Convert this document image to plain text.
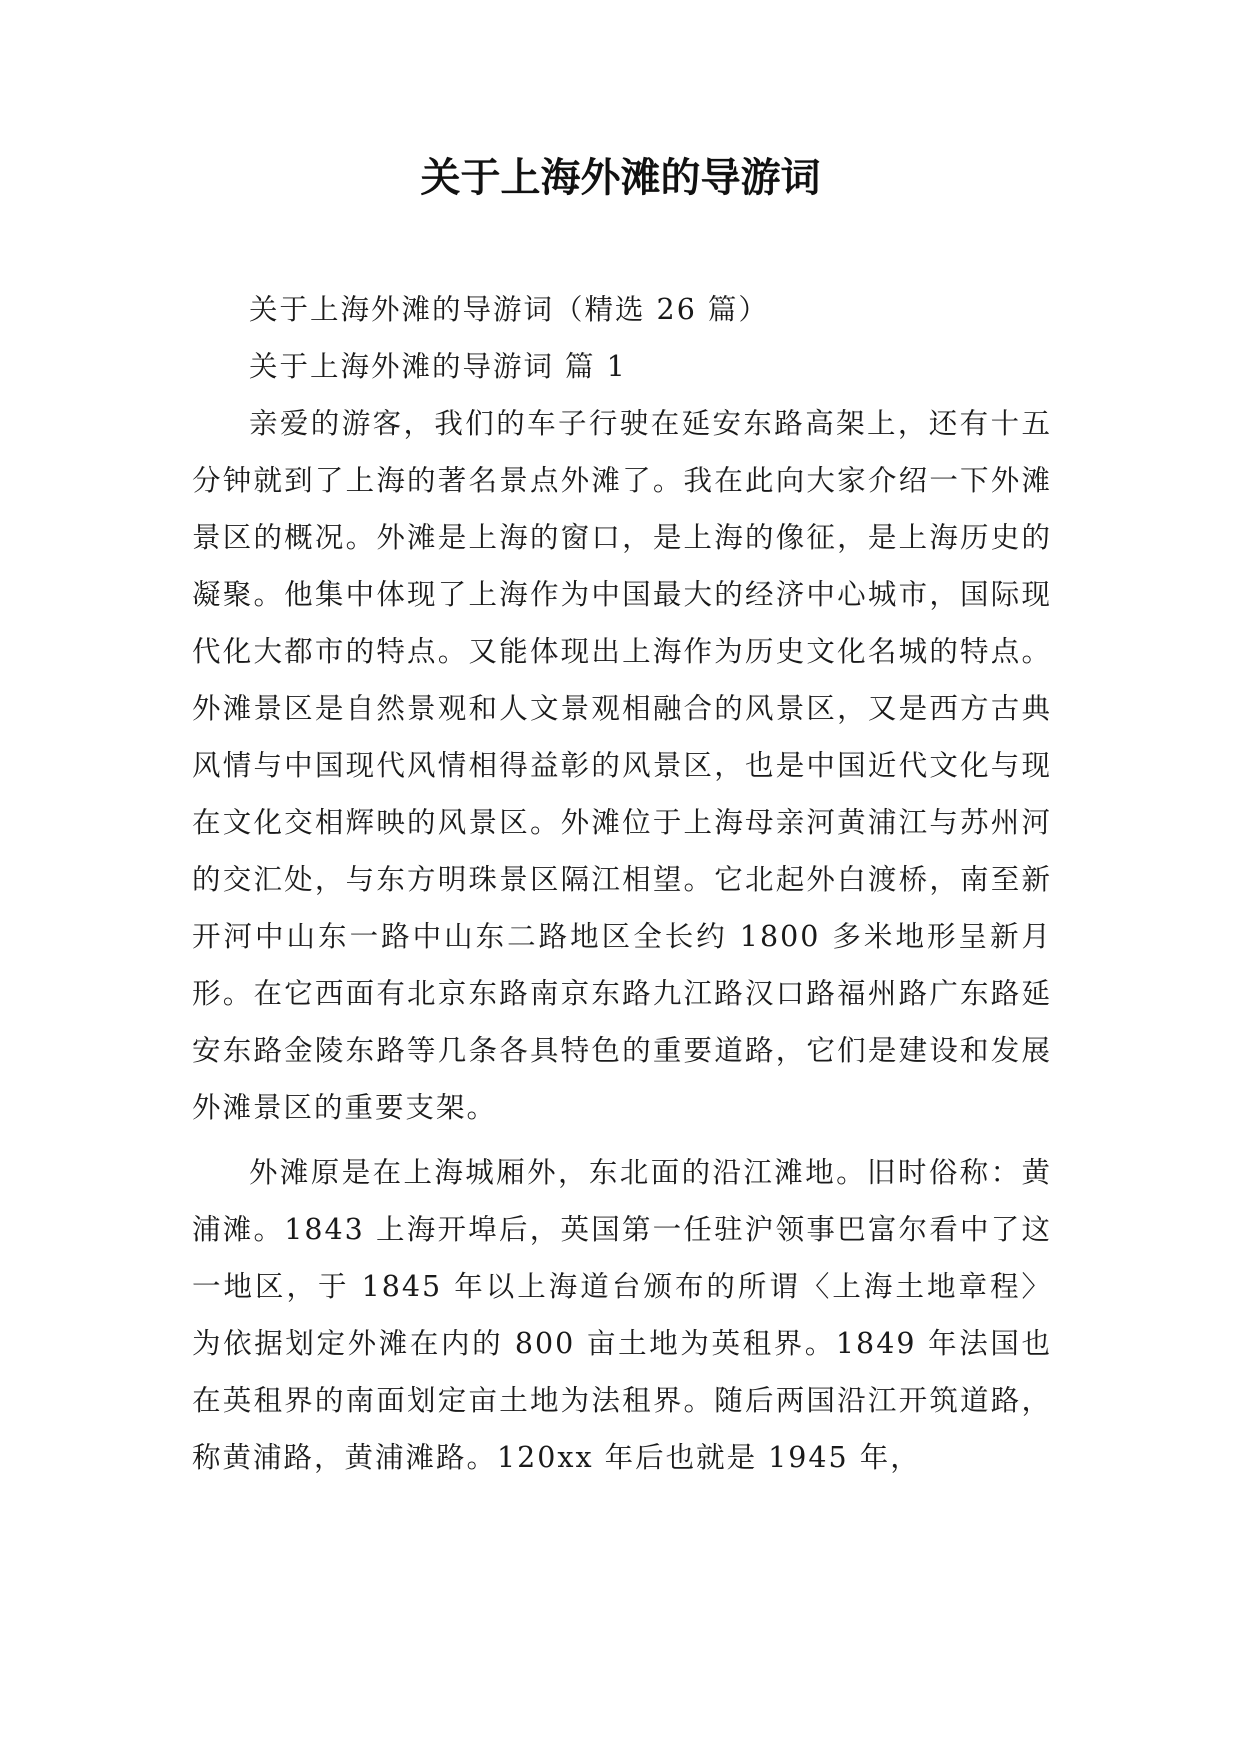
关于上海外滩的导游词

关于上海外滩的导游词（精选 26 篇）

关于上海外滩的导游词 篇 1

亲爱的游客，我们的车子行驶在延安东路高架上，还有十五分钟就到了上海的著名景点外滩了。我在此向大家介绍一下外滩景区的概况。外滩是上海的窗口，是上海的像征，是上海历史的凝聚。他集中体现了上海作为中国最大的经济中心城市，国际现代化大都市的特点。又能体现出上海作为历史文化名城的特点。外滩景区是自然景观和人文景观相融合的风景区，又是西方古典风情与中国现代风情相得益彰的风景区，也是中国近代文化与现在文化交相辉映的风景区。外滩位于上海母亲河黄浦江与苏州河的交汇处，与东方明珠景区隔江相望。它北起外白渡桥，南至新开河中山东一路中山东二路地区全长约 1800 多米地形呈新月形。在它西面有北京东路南京东路九江路汉口路福州路广东路延安东路金陵东路等几条各具特色的重要道路，它们是建设和发展外滩景区的重要支架。

外滩原是在上海城厢外，东北面的沿江滩地。旧时俗称：黄浦滩。1843 上海开埠后，英国第一任驻沪领事巴富尔看中了这一地区，于 1845 年以上海道台颁布的所谓〈上海土地章程〉为依据划定外滩在内的 800 亩土地为英租界。1849 年法国也在英租界的南面划定亩土地为法租界。随后两国沿江开筑道路，称黄浦路，黄浦滩路。120xx 年后也就是 1945 年，
